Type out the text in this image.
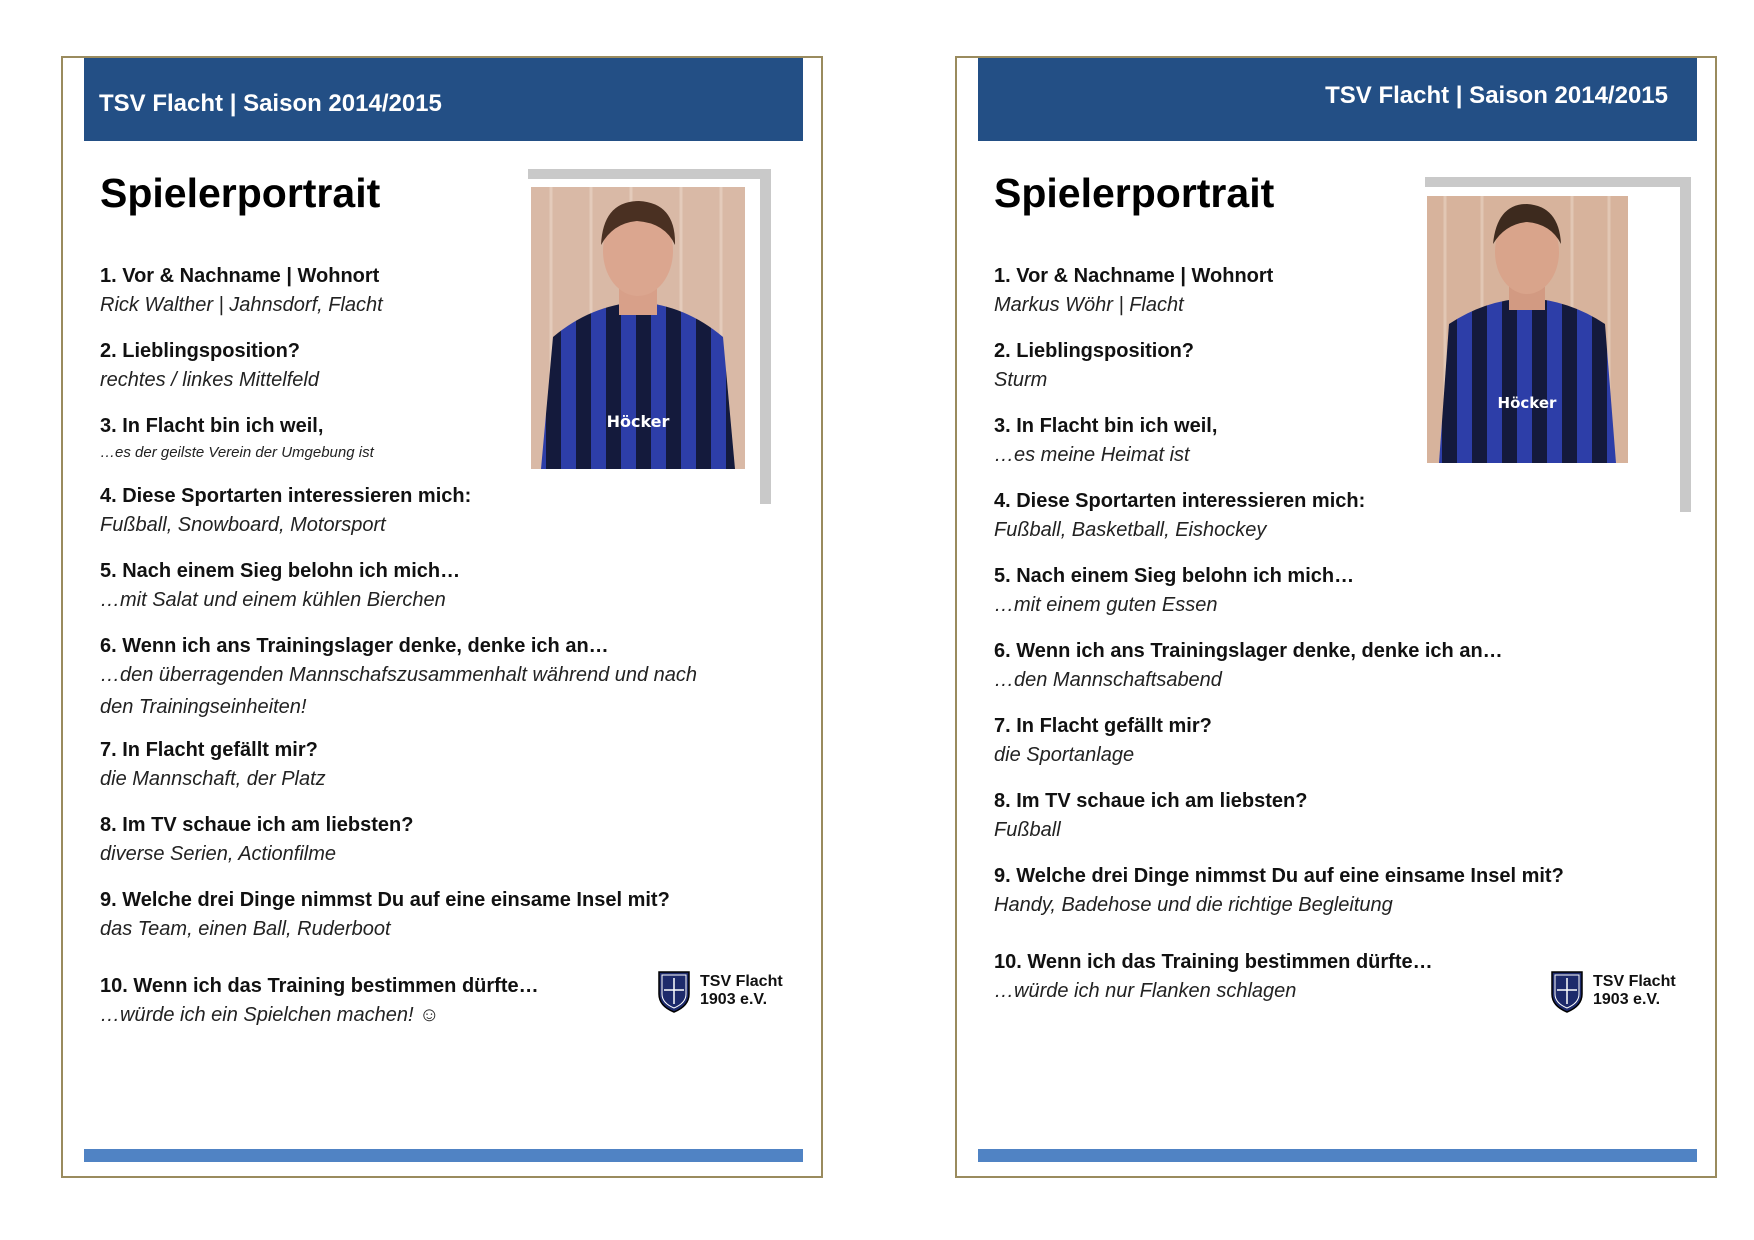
TSV Flacht | Saison 2014/2015
Spielerportrait
Höcker
1. Vor & Nachname | Wohnort
Rick Walther | Jahnsdorf, Flacht
2. Lieblingsposition?
rechtes / linkes Mittelfeld
3. In Flacht bin ich weil,
…es der geilste Verein der Umgebung ist
4. Diese Sportarten interessieren mich:
Fußball, Snowboard, Motorsport
5. Nach einem Sieg belohn ich mich…
…mit Salat und einem kühlen Bierchen
6. Wenn ich ans Trainingslager denke, denke ich an…
…den überragenden Mannschafszusammenhalt während und nach den Trainingseinheiten!
7. In Flacht gefällt mir?
die Mannschaft, der Platz
8. Im TV schaue ich am liebsten?
diverse Serien, Actionfilme
9. Welche drei Dinge nimmst Du auf eine einsame Insel mit?
das Team, einen Ball, Ruderboot
10. Wenn ich das Training bestimmen dürfte…
…würde ich ein Spielchen machen! ☺
TSV Flacht
1903 e.V.
TSV Flacht | Saison 2014/2015
Spielerportrait
Höcker
1. Vor & Nachname | Wohnort
Markus Wöhr | Flacht
2. Lieblingsposition?
Sturm
3. In Flacht bin ich weil,
…es meine Heimat ist
4. Diese Sportarten interessieren mich:
Fußball, Basketball, Eishockey
5. Nach einem Sieg belohn ich mich…
…mit einem guten Essen
6. Wenn ich ans Trainingslager denke, denke ich an…
…den Mannschaftsabend
7. In Flacht gefällt mir?
die Sportanlage
8. Im TV schaue ich am liebsten?
Fußball
9. Welche drei Dinge nimmst Du auf eine einsame Insel mit?
Handy, Badehose und die richtige Begleitung
10. Wenn ich das Training bestimmen dürfte…
…würde ich nur Flanken schlagen	TSV Flacht
1903 e.V.
